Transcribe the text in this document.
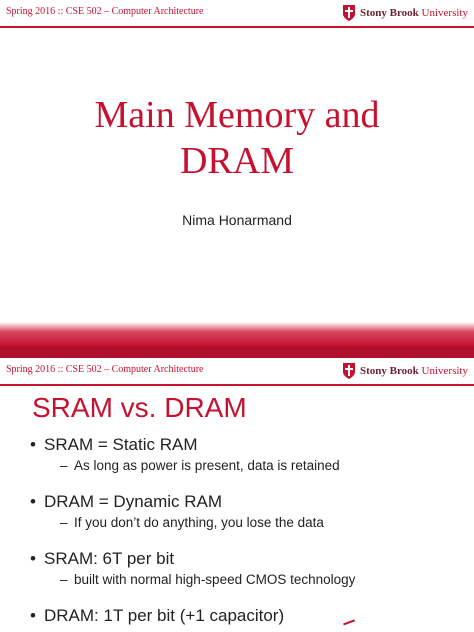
Spring 2016 :: CSE 502 – Computer Architecture	Stony Brook University
Main Memory and
DRAM
Nima Honarmand
Spring 2016 :: CSE 502 – Computer Architecture	Stony Brook University
SRAM vs. DRAM
• SRAM = Static RAM
– As long as power is present, data is retained
• DRAM = Dynamic RAM
– If you don’t do anything, you lose the data
• SRAM: 6T per bit
– built with normal high-speed CMOS technology
• DRAM: 1T per bit (+1 capacitor)
